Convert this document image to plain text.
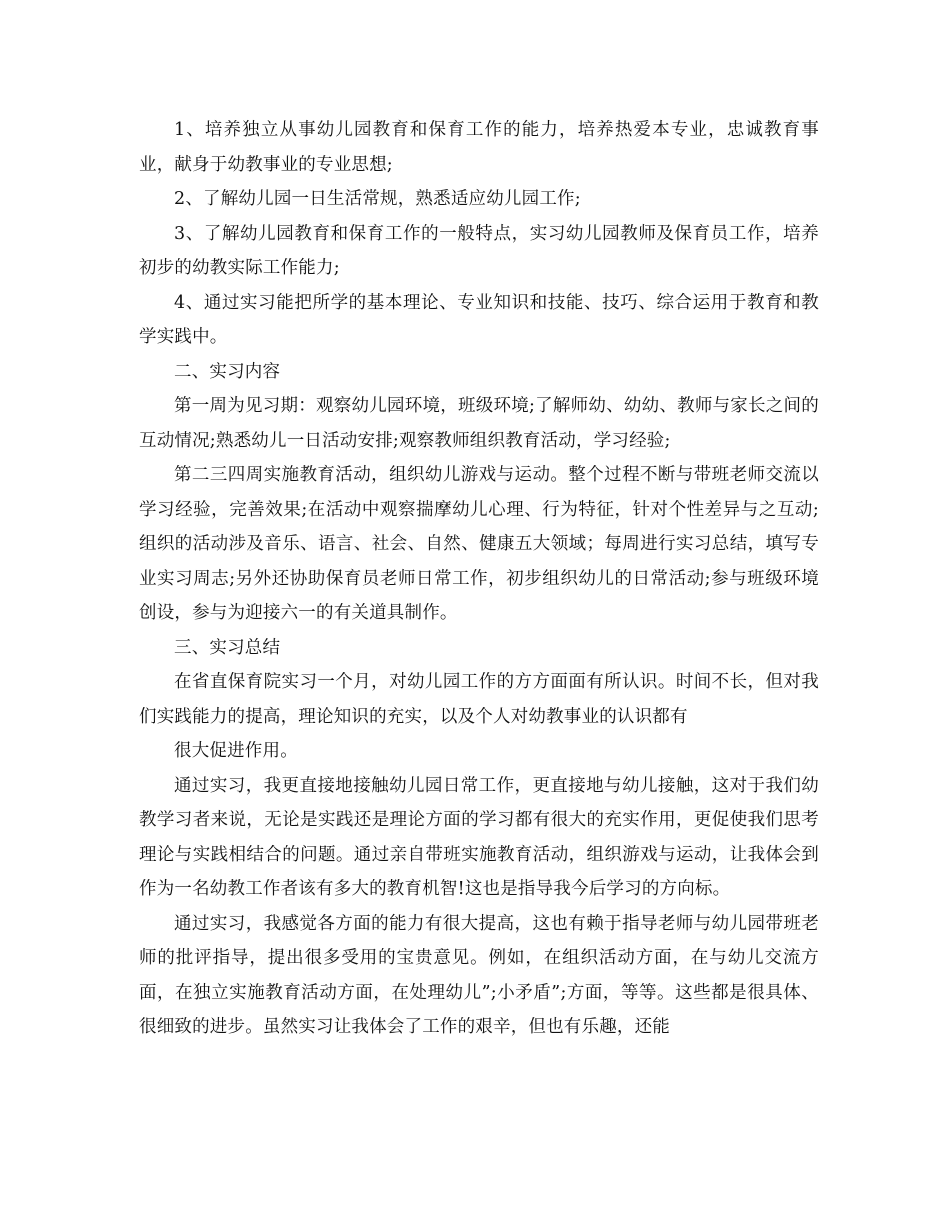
1、培养独立从事幼儿园教育和保育工作的能力，培养热爱本专业，忠诚教育事业，献身于幼教事业的专业思想;

2、了解幼儿园一日生活常规，熟悉适应幼儿园工作;

3、了解幼儿园教育和保育工作的一般特点，实习幼儿园教师及保育员工作，培养初步的幼教实际工作能力;

4、通过实习能把所学的基本理论、专业知识和技能、技巧、综合运用于教育和教学实践中。

二、实习内容

第一周为见习期：观察幼儿园环境，班级环境;了解师幼、幼幼、教师与家长之间的互动情况;熟悉幼儿一日活动安排;观察教师组织教育活动，学习经验;

第二三四周实施教育活动，组织幼儿游戏与运动。整个过程不断与带班老师交流以学习经验，完善效果;在活动中观察揣摩幼儿心理、行为特征，针对个性差异与之互动;组织的活动涉及音乐、语言、社会、自然、健康五大领域；每周进行实习总结，填写专业实习周志;另外还协助保育员老师日常工作，初步组织幼儿的日常活动;参与班级环境创设，参与为迎接六一的有关道具制作。

三、实习总结

在省直保育院实习一个月，对幼儿园工作的方方面面有所认识。时间不长，但对我们实践能力的提高，理论知识的充实，以及个人对幼教事业的认识都有

很大促进作用。

通过实习，我更直接地接触幼儿园日常工作，更直接地与幼儿接触，这对于我们幼教学习者来说，无论是实践还是理论方面的学习都有很大的充实作用，更促使我们思考理论与实践相结合的问题。通过亲自带班实施教育活动，组织游戏与运动，让我体会到作为一名幼教工作者该有多大的教育机智!这也是指导我今后学习的方向标。

通过实习，我感觉各方面的能力有很大提高，这也有赖于指导老师与幼儿园带班老师的批评指导，提出很多受用的宝贵意见。例如，在组织活动方面，在与幼儿交流方面，在独立实施教育活动方面，在处理幼儿”;小矛盾”;方面，等等。这些都是很具体、很细致的进步。虽然实习让我体会了工作的艰辛，但也有乐趣，还能
